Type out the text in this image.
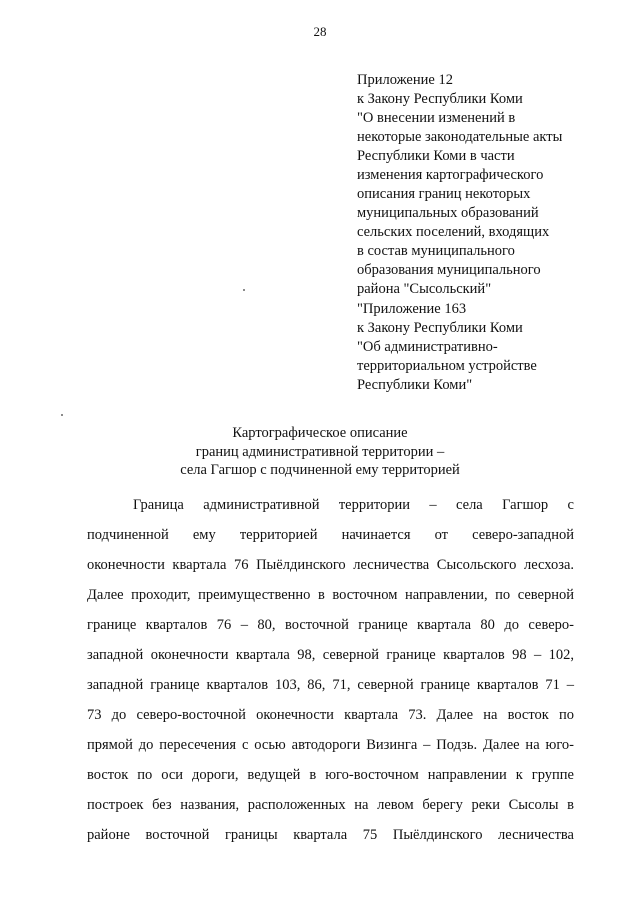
28
Приложение 12
к Закону Республики Коми
"О внесении изменений в
некоторые законодательные акты
Республики Коми в части
изменения картографического
описания границ некоторых
муниципальных образований
сельских поселений, входящих
в состав муниципального
образования муниципального
района "Сысольский"
"Приложение 163
к Закону Республики Коми
"Об административно-
территориальном устройстве
Республики Коми"
Картографическое описание
границ административной территории –
села Гагшор с подчиненной ему территорией
Граница административной территории – села Гагшор с
подчиненной ему территорией начинается от северо-западной
оконечности квартала 76 Пыёлдинского лесничества Сысольского лесхоза.
Далее проходит, преимущественно в восточном направлении, по северной
границе кварталов 76 – 80, восточной границе квартала 80 до северо-
западной оконечности квартала 98, северной границе кварталов 98 – 102,
западной границе кварталов 103, 86, 71, северной границе кварталов 71 –
73 до северо-восточной оконечности квартала 73. Далее на восток по
прямой до пересечения с осью автодороги Визинга – Подзь. Далее на юго-
восток по оси дороги, ведущей в юго-восточном направлении к группе
построек без названия, расположенных на левом берегу реки Сысолы в
районе восточной границы квартала 75 Пыёлдинского лесничества
